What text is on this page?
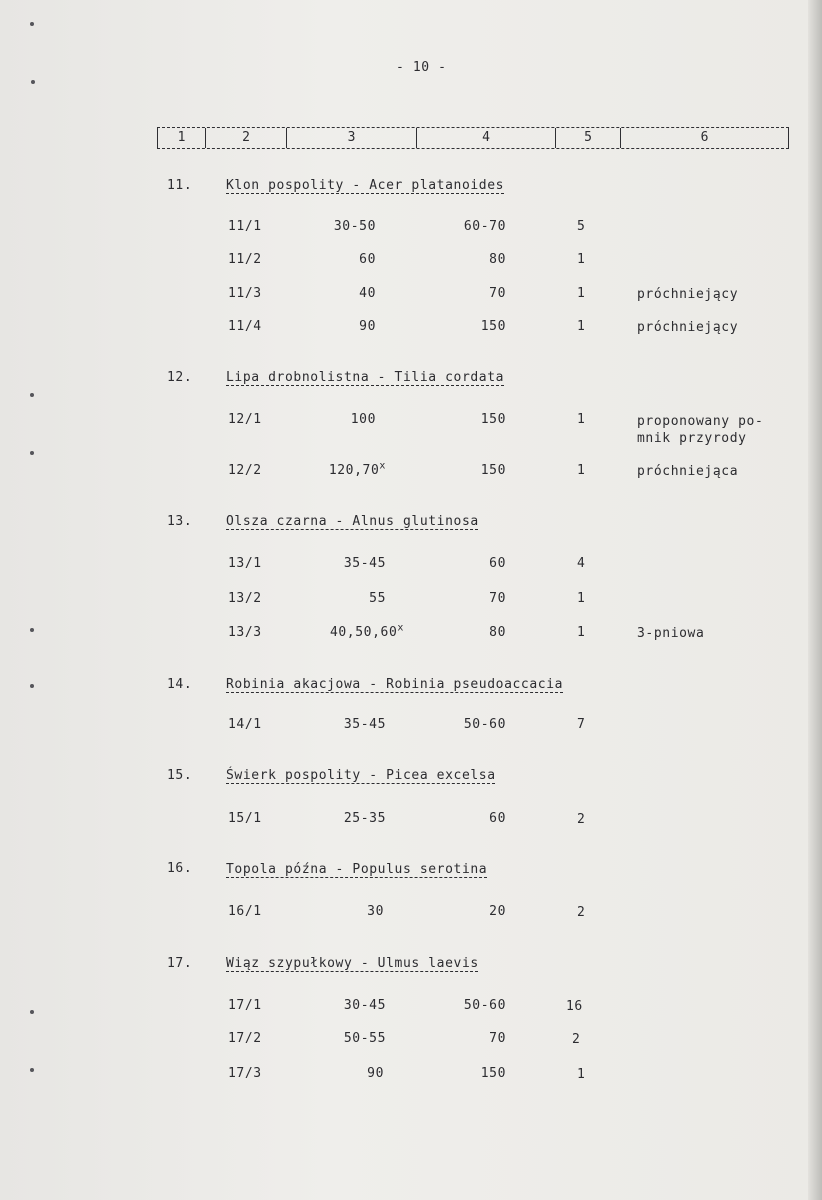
- 10 -
1	2	3	4	5	6
11.	Klon pospolity - Acer platanoides
11/1	30-50	60-70	5
11/2	60	80	1
11/3	40	70	1	próchniejący
11/4	90	150	1	próchniejący
12.	Lipa drobnolistna - Tilia cordata
12/1	100	150	1	proponowany po-
mnik przyrody
12/2	120,70$^x$	150	1	próchniejąca
13.	Olsza czarna - Alnus glutinosa
13/1	35-45	60	4
13/2	55	70	1
13/3	40,50,60$^x$	80	1	3-pniowa
14.	Robinia akacjowa - Robinia pseudoaccacia
14/1	35-45	50-60	7
15.	Świerk pospolity - Picea excelsa
15/1	25-35	60	2
16.	Topola późna - Populus serotina
16/1	30	20	2
17.	Wiąz szypułkowy - Ulmus laevis
17/1	30-45	50-60	16
17/2	50-55	70	2
17/3	90	150	1
